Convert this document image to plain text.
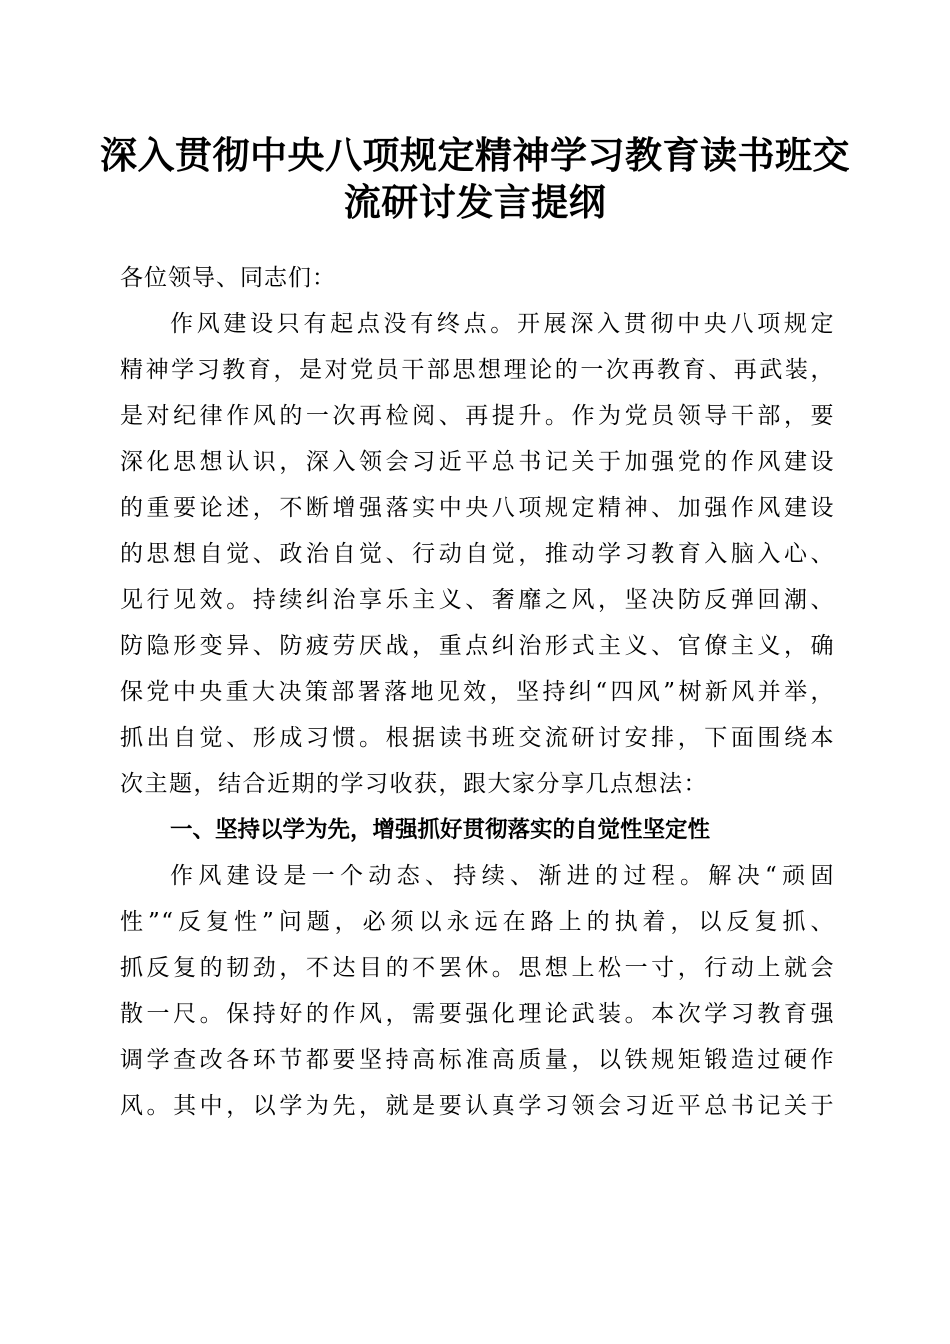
深入贯彻中央八项规定精神学习教育读书班交
流研讨发言提纲

各位领导、同志们：

作风建设只有起点没有终点。开展深入贯彻中央八项规定
精神学习教育，是对党员干部思想理论的一次再教育、再武装，
是对纪律作风的一次再检阅、再提升。作为党员领导干部，要
深化思想认识，深入领会习近平总书记关于加强党的作风建设
的重要论述，不断增强落实中央八项规定精神、加强作风建设
的思想自觉、政治自觉、行动自觉，推动学习教育入脑入心、
见行见效。持续纠治享乐主义、奢靡之风，坚决防反弹回潮、
防隐形变异、防疲劳厌战，重点纠治形式主义、官僚主义，确
保党中央重大决策部署落地见效，坚持纠“四风”树新风并举，
抓出自觉、形成习惯。根据读书班交流研讨安排，下面围绕本
次主题，结合近期的学习收获，跟大家分享几点想法：
一、坚持以学为先，增强抓好贯彻落实的自觉性坚定性
作风建设是一个动态、持续、渐进的过程。解决“顽固
性”“反复性”问题，必须以永远在路上的执着，以反复抓、
抓反复的韧劲，不达目的不罢休。思想上松一寸，行动上就会
散一尺。保持好的作风，需要强化理论武装。本次学习教育强
调学查改各环节都要坚持高标准高质量，以铁规矩锻造过硬作
风。其中，以学为先，就是要认真学习领会习近平总书记关于
